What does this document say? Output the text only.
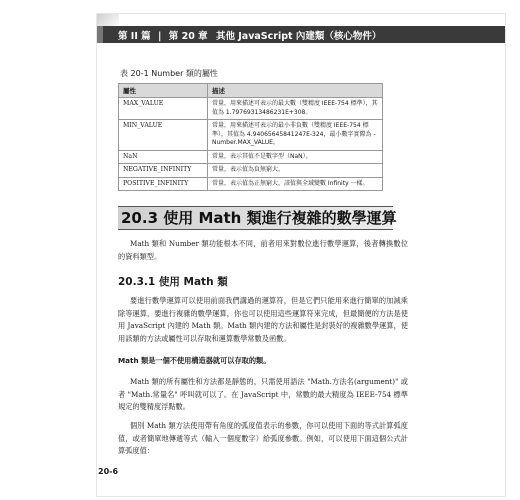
第 II 篇 | 第 20 章 其他 JavaScript 內建類（核心物件）
表 20-1 Number 類的屬性
屬性	描述
MAX_VALUE	常量，用來描述可表示的最大數（雙精度 IEEE-754 標準），其值為 1.79769313486231E+308。
MIN_VALUE	常量，用來描述可表示的最小非負數（雙精度 IEEE-754 標準），其值為 4.94065645841247E-324，最小數字實際為 -Number.MAX_VALUE。
NaN	常量，表示其值不是數字型（NaN）。
NEGATIVE_INFINITY	常量，表示值為負無窮大。
POSITIVE_INFINITY	常量，表示值為正無窮大，該值與全域變數 Infinity 一樣。
20.3 使用 Math 類進行複雜的數學運算
Math 類和 Number 類功能根本不同，前者用來對數位進行數學運算，後者轉換數位的資料類型。
20.3.1 使用 Math 類
要進行數學運算可以使用前面我們講過的運算符，但是它們只能用來進行簡單的加減乘除等運算，要進行複雜的數學運算，你也可以使用這些運算符來完成，但最簡便的方法是使用 JavaScript 內建的 Math 類。Math 類內建的方法和屬性是封裝好的複雜數學運算，使用該類的方法或屬性可以存取和運算數學常數及函數。
Math 類是一個不使用構造器就可以存取的類。
Math 類的所有屬性和方法都是靜態的，只需使用語法 "Math.方法名(argument)" 或者 "Math.常量名" 呼叫就可以了。在 JavaScript 中，常數的最大精度為 IEEE-754 標準規定的雙精度浮點數。
個別 Math 類方法使用帶有角度的弧度值表示的參數，你可以使用下面的等式計算弧度值，或者簡單地傳遞等式（輸入一個度數字）給弧度參數。例如，可以使用下面這個公式計算弧度值：
20-6
